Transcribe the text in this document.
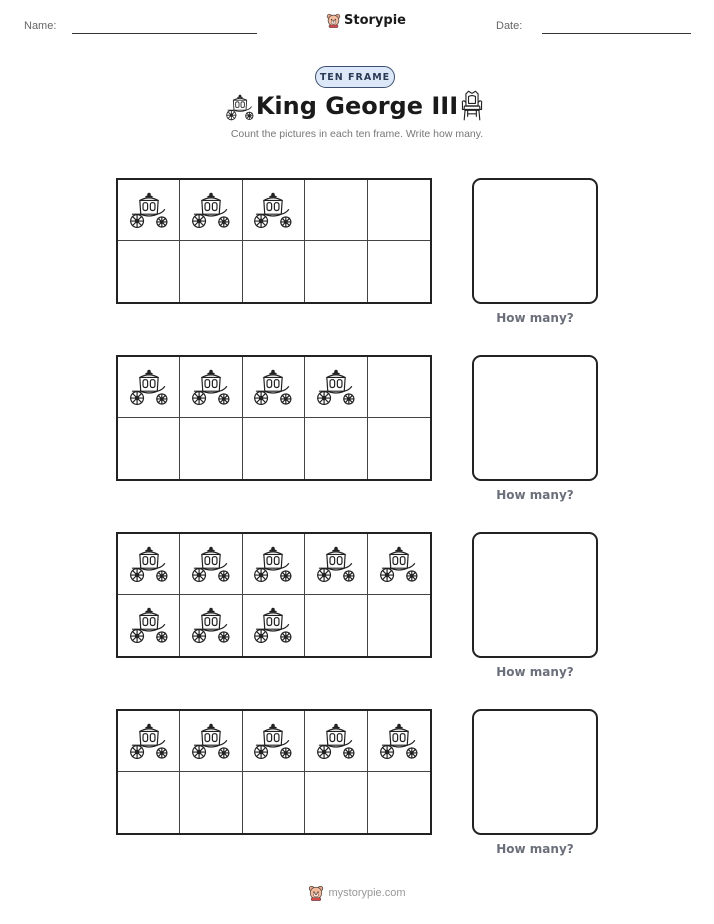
Name:	Storypie	Date:
TEN FRAME
King George III
Count the pictures in each ten frame. Write how many.
How many?
How many?
How many?
How many?
mystorypie.com
